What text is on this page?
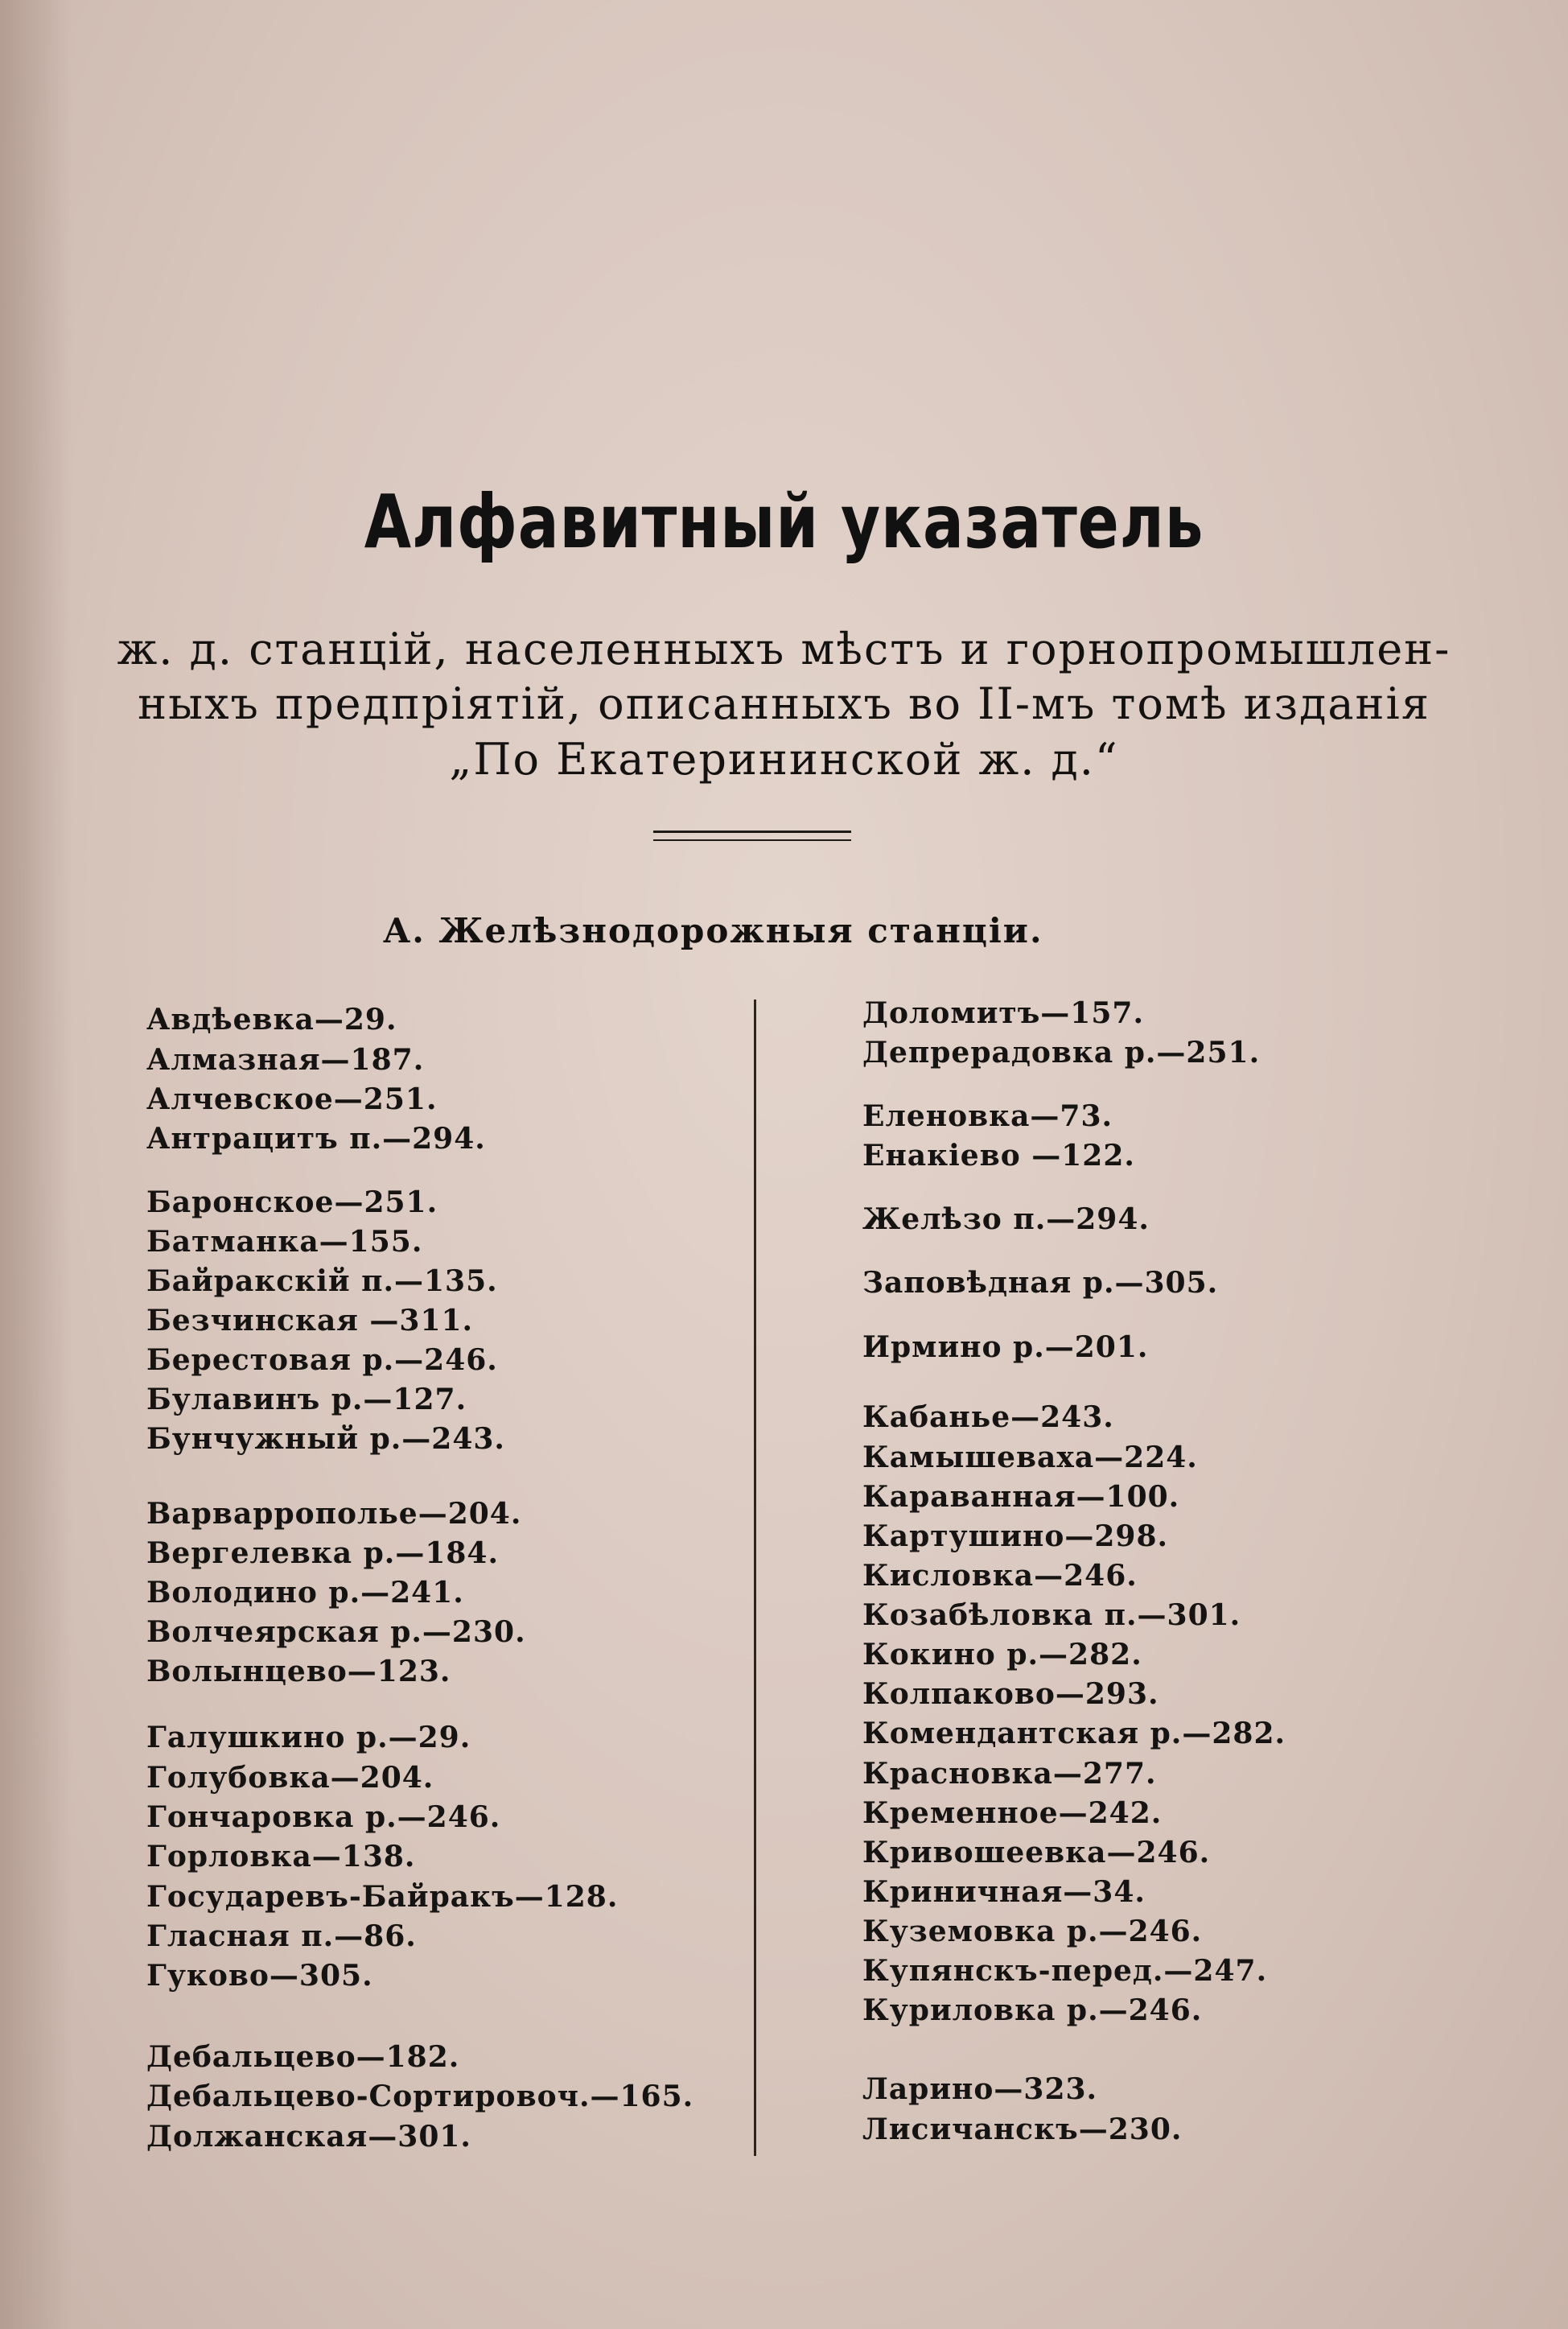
Алфавитный указатель
ж. д. станцій, населенныхъ мѣстъ и горнопромышлен-
ныхъ предпріятій, описанныхъ во II-мъ томѣ изданія
„По Екатерининской ж. д.“
А. Желѣзнодорожныя станціи.
Авдѣевка—29.
Алмазная—187.
Алчевское—251.
Антрацитъ п.—294.
Баронское—251.
Батманка—155.
Байракскій п.—135.
Безчинская —311.
Берестовая р.—246.
Булавинъ р.—127.
Бунчужный р.—243.
Варваррополье—204.
Вергелевка р.—184.
Володино р.—241.
Волчеярская р.—230.
Волынцево—123.
Галушкино р.—29.
Голубовка—204.
Гончаровка р.—246.
Горловка—138.
Государевъ-Байракъ—128.
Гласная п.—86.
Гуково—305.
Дебальцево—182.
Дебальцево-Сортировоч.—165.
Должанская—301.
Доломитъ—157.
Депрерадовка р.—251.
Еленовка—73.
Енакіево —122.
Желѣзо п.—294.
Заповѣдная р.—305.
Ирмино р.—201.
Кабанье—243.
Камышеваха—224.
Караванная—100.
Картушино—298.
Кисловка—246.
Козабѣловка п.—301.
Кокино р.—282.
Колпаково—293.
Комендантская р.—282.
Красновка—277.
Кременное—242.
Кривошеевка—246.
Криничная—34.
Куземовка р.—246.
Купянскъ-перед.—247.
Куриловка р.—246.
Ларино—323.
Лисичанскъ—230.
